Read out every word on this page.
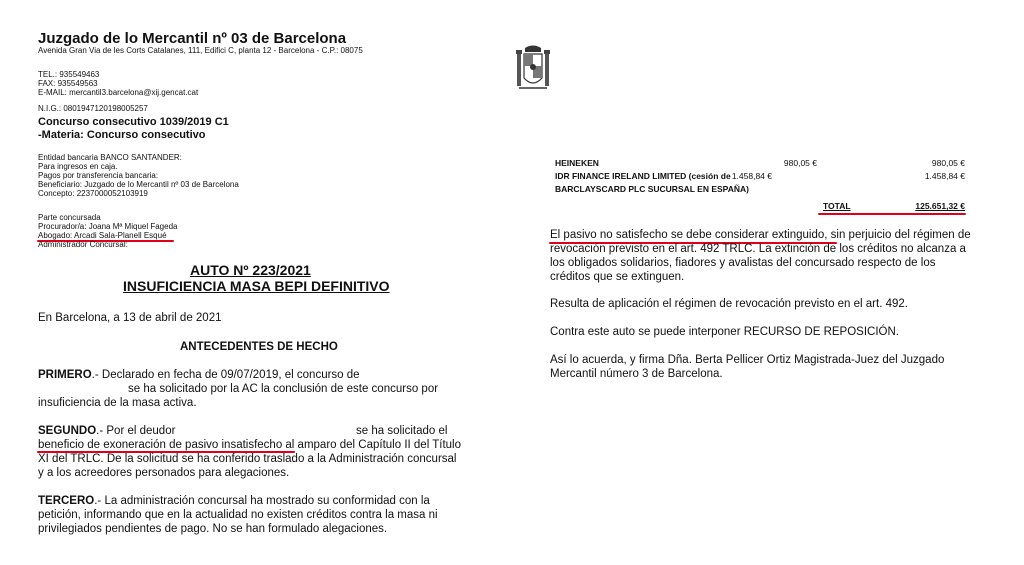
Juzgado de lo Mercantil nº 03 de Barcelona
Avenida Gran Via de les Corts Catalanes, 111, Edifici C, planta 12 - Barcelona - C.P.: 08075
TEL.: 935549463
FAX: 935549563
E-MAIL: mercantil3.barcelona@xij.gencat.cat
N.I.G.: 0801947120198005257
Concurso consecutivo 1039/2019 C1
-Materia: Concurso consecutivo
Entidad bancaria BANCO SANTANDER:
Para ingresos en caja.
Pagos por transferencia bancaria:
Beneficiario: Juzgado de lo Mercantil nº 03 de Barcelona
Concepto: 2237000052103919
Parte concursada
Procurador/a: Joana Mª Miquel Fageda
Abogado: Arcadi Sala-Planell Esqué
Administrador Concursal:
AUTO Nº 223/2021
INSUFICIENCIA MASA BEPI DEFINITIVO
En Barcelona, a 13 de abril de 2021
ANTECEDENTES DE HECHO
PRIMERO.- Declarado en fecha de 09/07/2019, el concurso de
se ha solicitado por la AC la conclusión de este concurso por
insuficiencia de la masa activa.
SEGUNDO.- Por el deudor	se ha solicitado el
beneficio de exoneración de pasivo insatisfecho al amparo del Capítulo II del Título
XI del TRLC. De la solicitud se ha conferido traslado a la Administración concursal
y a los acreedores personados para alegaciones.
TERCERO.- La administración concursal ha mostrado su conformidad con la
petición, informando que en la actualidad no existen créditos contra la masa ni
privilegiados pendientes de pago. No se han formulado alegaciones.
HEINEKEN	980,05 €	980,05 €
IDR FINANCE IRELAND LIMITED (cesión de 1.458,84 €	1.458,84 €
BARCLAYSCARD PLC SUCURSAL EN ESPAÑA)
TOTAL	125.651,32 €
El pasivo no satisfecho se debe considerar extinguido, sin perjuicio del régimen de
revocación previsto en el art. 492 TRLC. La extinción de los créditos no alcanza a
los obligados solidarios, fiadores y avalistas del concursado respecto de los
créditos que se extinguen.
Resulta de aplicación el régimen de revocación previsto en el art. 492.
Contra este auto se puede interponer RECURSO DE REPOSICIÓN.
Así lo acuerda, y firma Dña. Berta Pellicer Ortiz Magistrada-Juez del Juzgado
Mercantil número 3 de Barcelona.
